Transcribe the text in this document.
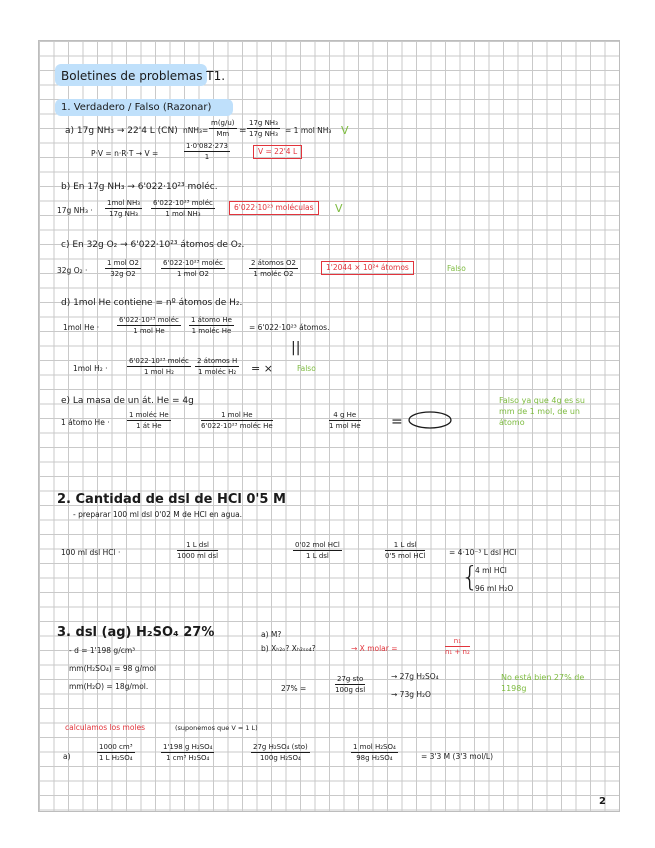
Boletines de problemas T1.
1. Verdadero / Falso (Razonar)
a) 17g NH₃ → 22'4 L (CN) $nNH_3= \frac{m(g/u)}{Mm} = \frac{\text{17g NH₃}}{\text{17g NH₃}} = 1$ mol NH₃ V
P·V = n·R·T → V =	$\frac{1\cdot 0'082\cdot 273}{1}$	V = 22'4 L
b) En 17g NH₃ → 6'022·10²³ moléc.
17g NH₃ ·
1mol NH₃
17g NH₃
6'022·10²³ moléc
1 mol NH₃
6'022·10²³ moléculas	V
c) En 32g O₂ → 6'022·10²³ átomos de O₂.
32g O₂ ·
1 mol O2
32g O2
6'022·10²³ moléc
1 mol O2
2 átomos O2
1 moléc O2
1'2044 × 10²⁴ átomos	Falso
d) 1mol He contiene = nº átomos de H₂.
1mol He ·
6'022·10²³ moléc
1 mol He
1 átomo He
1 moléc He	= 6'022·10²³ átomos.
||
1mol H₂ ·
6'022·10²³ moléc
1 mol H₂
2 átomos H
1 moléc H₂ = ×	Falso
e) La masa de un át. He = 4g
1 átomo He ·
1 moléc He
1 át He
1 mol He
6'022·10²³ moléc He
4 g He
1 mol He =
Falso ya que 4g es su mm de 1 mol, de un átomo
2. Cantidad de dsl de HCl 0'5 M
- preparar 100 ml dsl 0'02 M de HCl en agua.
100 ml dsl HCl ·
1 L dsl
1000 ml dsl
0'02 mol HCl
1 L dsl
1 L dsl
0'5 mol HCl	= 4·10⁻³ L dsl HCl
{
4 ml HCl
96 ml H₂O
3. dsl (ag) H₂SO₄ 27%
- d = 1'198 g/cm³
mm(H₂SO₄) = 98 g/mol
mm(H₂O) = 18g/mol.
a) M?
b) Xₕ₂ₒ? Xₕ₂ₛₒ₄?	→ X molar =	$\frac{\text{n₁}}{\text{n₁ + n₂}}$
27% =
27g sto
100g dsl
→ 27g H₂SO₄
→ 73g H₂O
No está bien 27% de 1198g
calculamos los moles	(suponemos que V = 1 L)
a)	$\frac{\text{1000 cm³}}{\text{1 L H₂SO₄}}$	$\frac{\text{1'198 g H₂SO₄}}{\text{1 cm³ H₂SO₄}}$	27g H₂SO₄ (sto)
100g H₂SO₄
1 mol H₂SO₄
98g H₂SO₄	= 3'3 M (3'3 mol/L)
2
